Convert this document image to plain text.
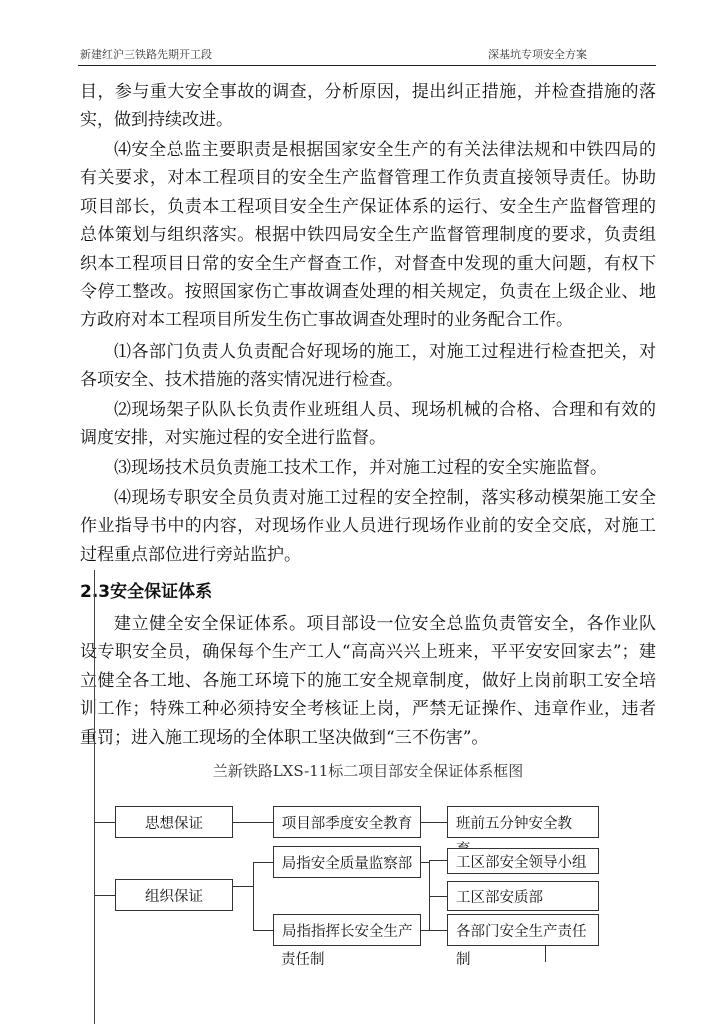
新建红沪三铁路先期开工段	深基坑专项安全方案

目，参与重大安全事故的调查，分析原因，提出纠正措施，并检查措施的落实，做到持续改进。

⑷安全总监主要职责是根据国家安全生产的有关法律法规和中铁四局的有关要求，对本工程项目的安全生产监督管理工作负责直接领导责任。协助项目部长，负责本工程项目安全生产保证体系的运行、安全生产监督管理的总体策划与组织落实。根据中铁四局安全生产监督管理制度的要求，负责组织本工程项目日常的安全生产督查工作，对督查中发现的重大问题，有权下令停工整改。按照国家伤亡事故调查处理的相关规定，负责在上级企业、地方政府对本工程项目所发生伤亡事故调查处理时的业务配合工作。

⑴各部门负责人负责配合好现场的施工，对施工过程进行检查把关，对各项安全、技术措施的落实情况进行检查。

⑵现场架子队队长负责作业班组人员、现场机械的合格、合理和有效的调度安排，对实施过程的安全进行监督。

⑶现场技术员负责施工技术工作，并对施工过程的安全实施监督。

⑷现场专职安全员负责对施工过程的安全控制，落实移动模架施工安全作业指导书中的内容，对现场作业人员进行现场作业前的安全交底，对施工过程重点部位进行旁站监护。

2.3安全保证体系

建立健全安全保证体系。项目部设一位安全总监负责管安全，各作业队设专职安全员，确保每个生产工人“高高兴兴上班来，平平安安回家去”；建立健全各工地、各施工环境下的施工安全规章制度，做好上岗前职工安全培训工作；特殊工种必须持安全考核证上岗，严禁无证操作、违章作业，违者重罚；进入施工现场的全体职工坚决做到“三不伤害”。

兰新铁路LXS-11标二项目部安全保证体系框图
思想保证	项目部季度安全教育	班前五分钟安全教
组织保证
局指安全质量监察部
局指指挥长安全生产
责任制
工区部安全领导小组
工区部安质部
各部门安全生产责任
制
